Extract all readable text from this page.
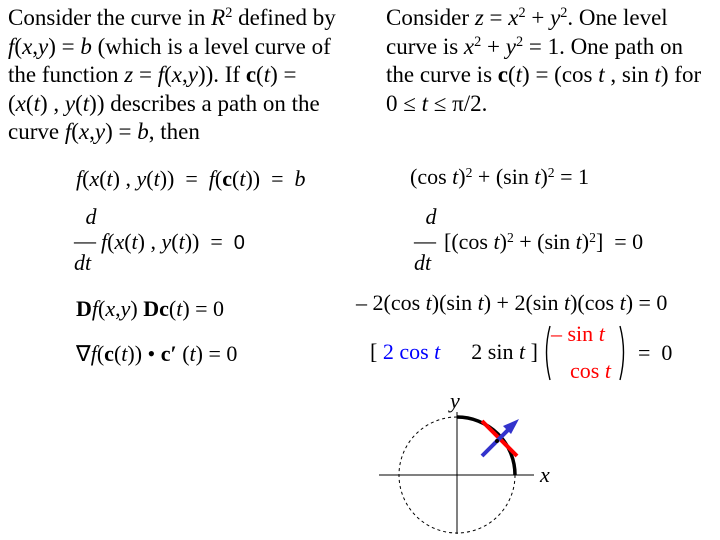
Consider the curve in $R^2$ defined by
f(x,y) = b (which is a level curve of
the function z = f(x,y)). If c(t) =
(x(t) , y(t)) describes a path on the
curve f(x,y) = b, then
Consider $z = x^2 + y^2$. One level
curve is $x^2 + y^2 = 1$. One path on
the curve is c(t) = (cos t , sin t) for
0 ≤ t ≤ π/2.
f(x(t) , y(t))  =  f(c(t))  =  b
d
—
dt
f(x(t) , y(t))  =  0
Df(x,y) Dc(t) = 0
∇f(c(t)) • c′ (t) = 0
(cos t)$^2$ + (sin t)$^2$ = 1
d
—
dt
[(cos t)$^2$ + (sin t)$^2$]  = 0
– 2(cos t)(sin t) + 2(sin t)(cos t) = 0
[ 2 cos t 2 sin t ]
– sin t
cos t
=  0
y
x
